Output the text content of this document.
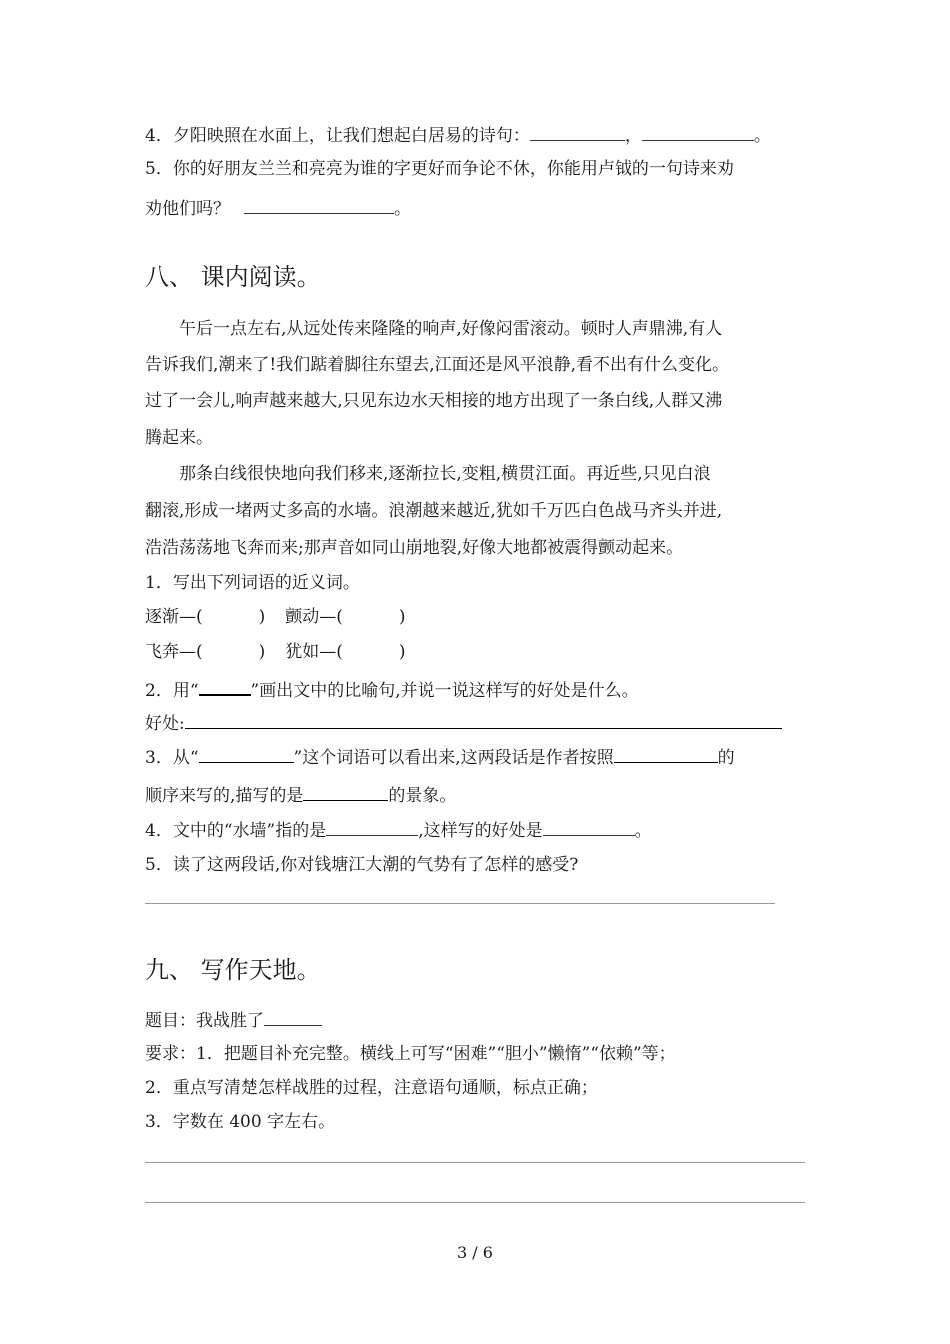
4．夕阳映照在水面上，让我们想起白居易的诗句：	，	。
5．你的好朋友兰兰和亮亮为谁的字更好而争论不休，你能用卢钺的一句诗来劝
劝他们吗？	。
八、 课内阅读。
　　午后一点左右,从远处传来隆隆的响声,好像闷雷滚动。顿时人声鼎沸,有人
告诉我们,潮来了!我们踮着脚往东望去,江面还是风平浪静,看不出有什么变化。
过了一会儿,响声越来越大,只见东边水天相接的地方出现了一条白线,人群又沸
腾起来。
　　那条白线很快地向我们移来,逐渐拉长,变粗,横贯江面。再近些,只见白浪
翻滚,形成一堵两丈多高的水墙。浪潮越来越近,犹如千万匹白色战马齐头并进,
浩浩荡荡地飞奔而来;那声音如同山崩地裂,好像大地都被震得颤动起来。
1．写出下列词语的近义词。
逐渐—(	) 颤动—(	)
飞奔—(	) 犹如—(	)
2．用“	”画出文中的比喻句,并说一说这样写的好处是什么。
好处:
3．从“	”这个词语可以看出来,这两段话是作者按照	的
顺序来写的,描写的是	的景象。
4．文中的“水墙”指的是	,这样写的好处是	。
5．读了这两段话,你对钱塘江大潮的气势有了怎样的感受?
九、 写作天地。
题目：我战胜了
要求：1．把题目补充完整。横线上可写“困难”“胆小”懒惰”“依赖”等；
2．重点写清楚怎样战胜的过程，注意语句通顺，标点正确；
3．字数在 400 字左右。
3 / 6
